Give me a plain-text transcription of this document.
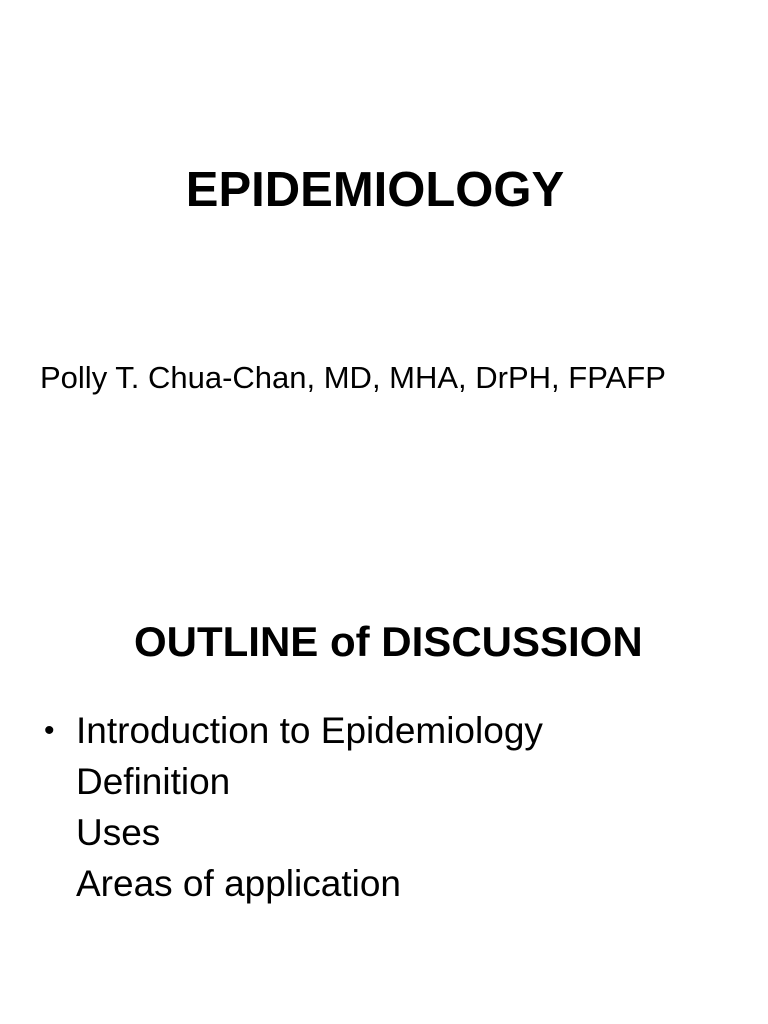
EPIDEMIOLOGY
Polly T. Chua-Chan, MD, MHA, DrPH, FPAFP
OUTLINE of DISCUSSION
• Introduction to Epidemiology
Definition
Uses
Areas of application
